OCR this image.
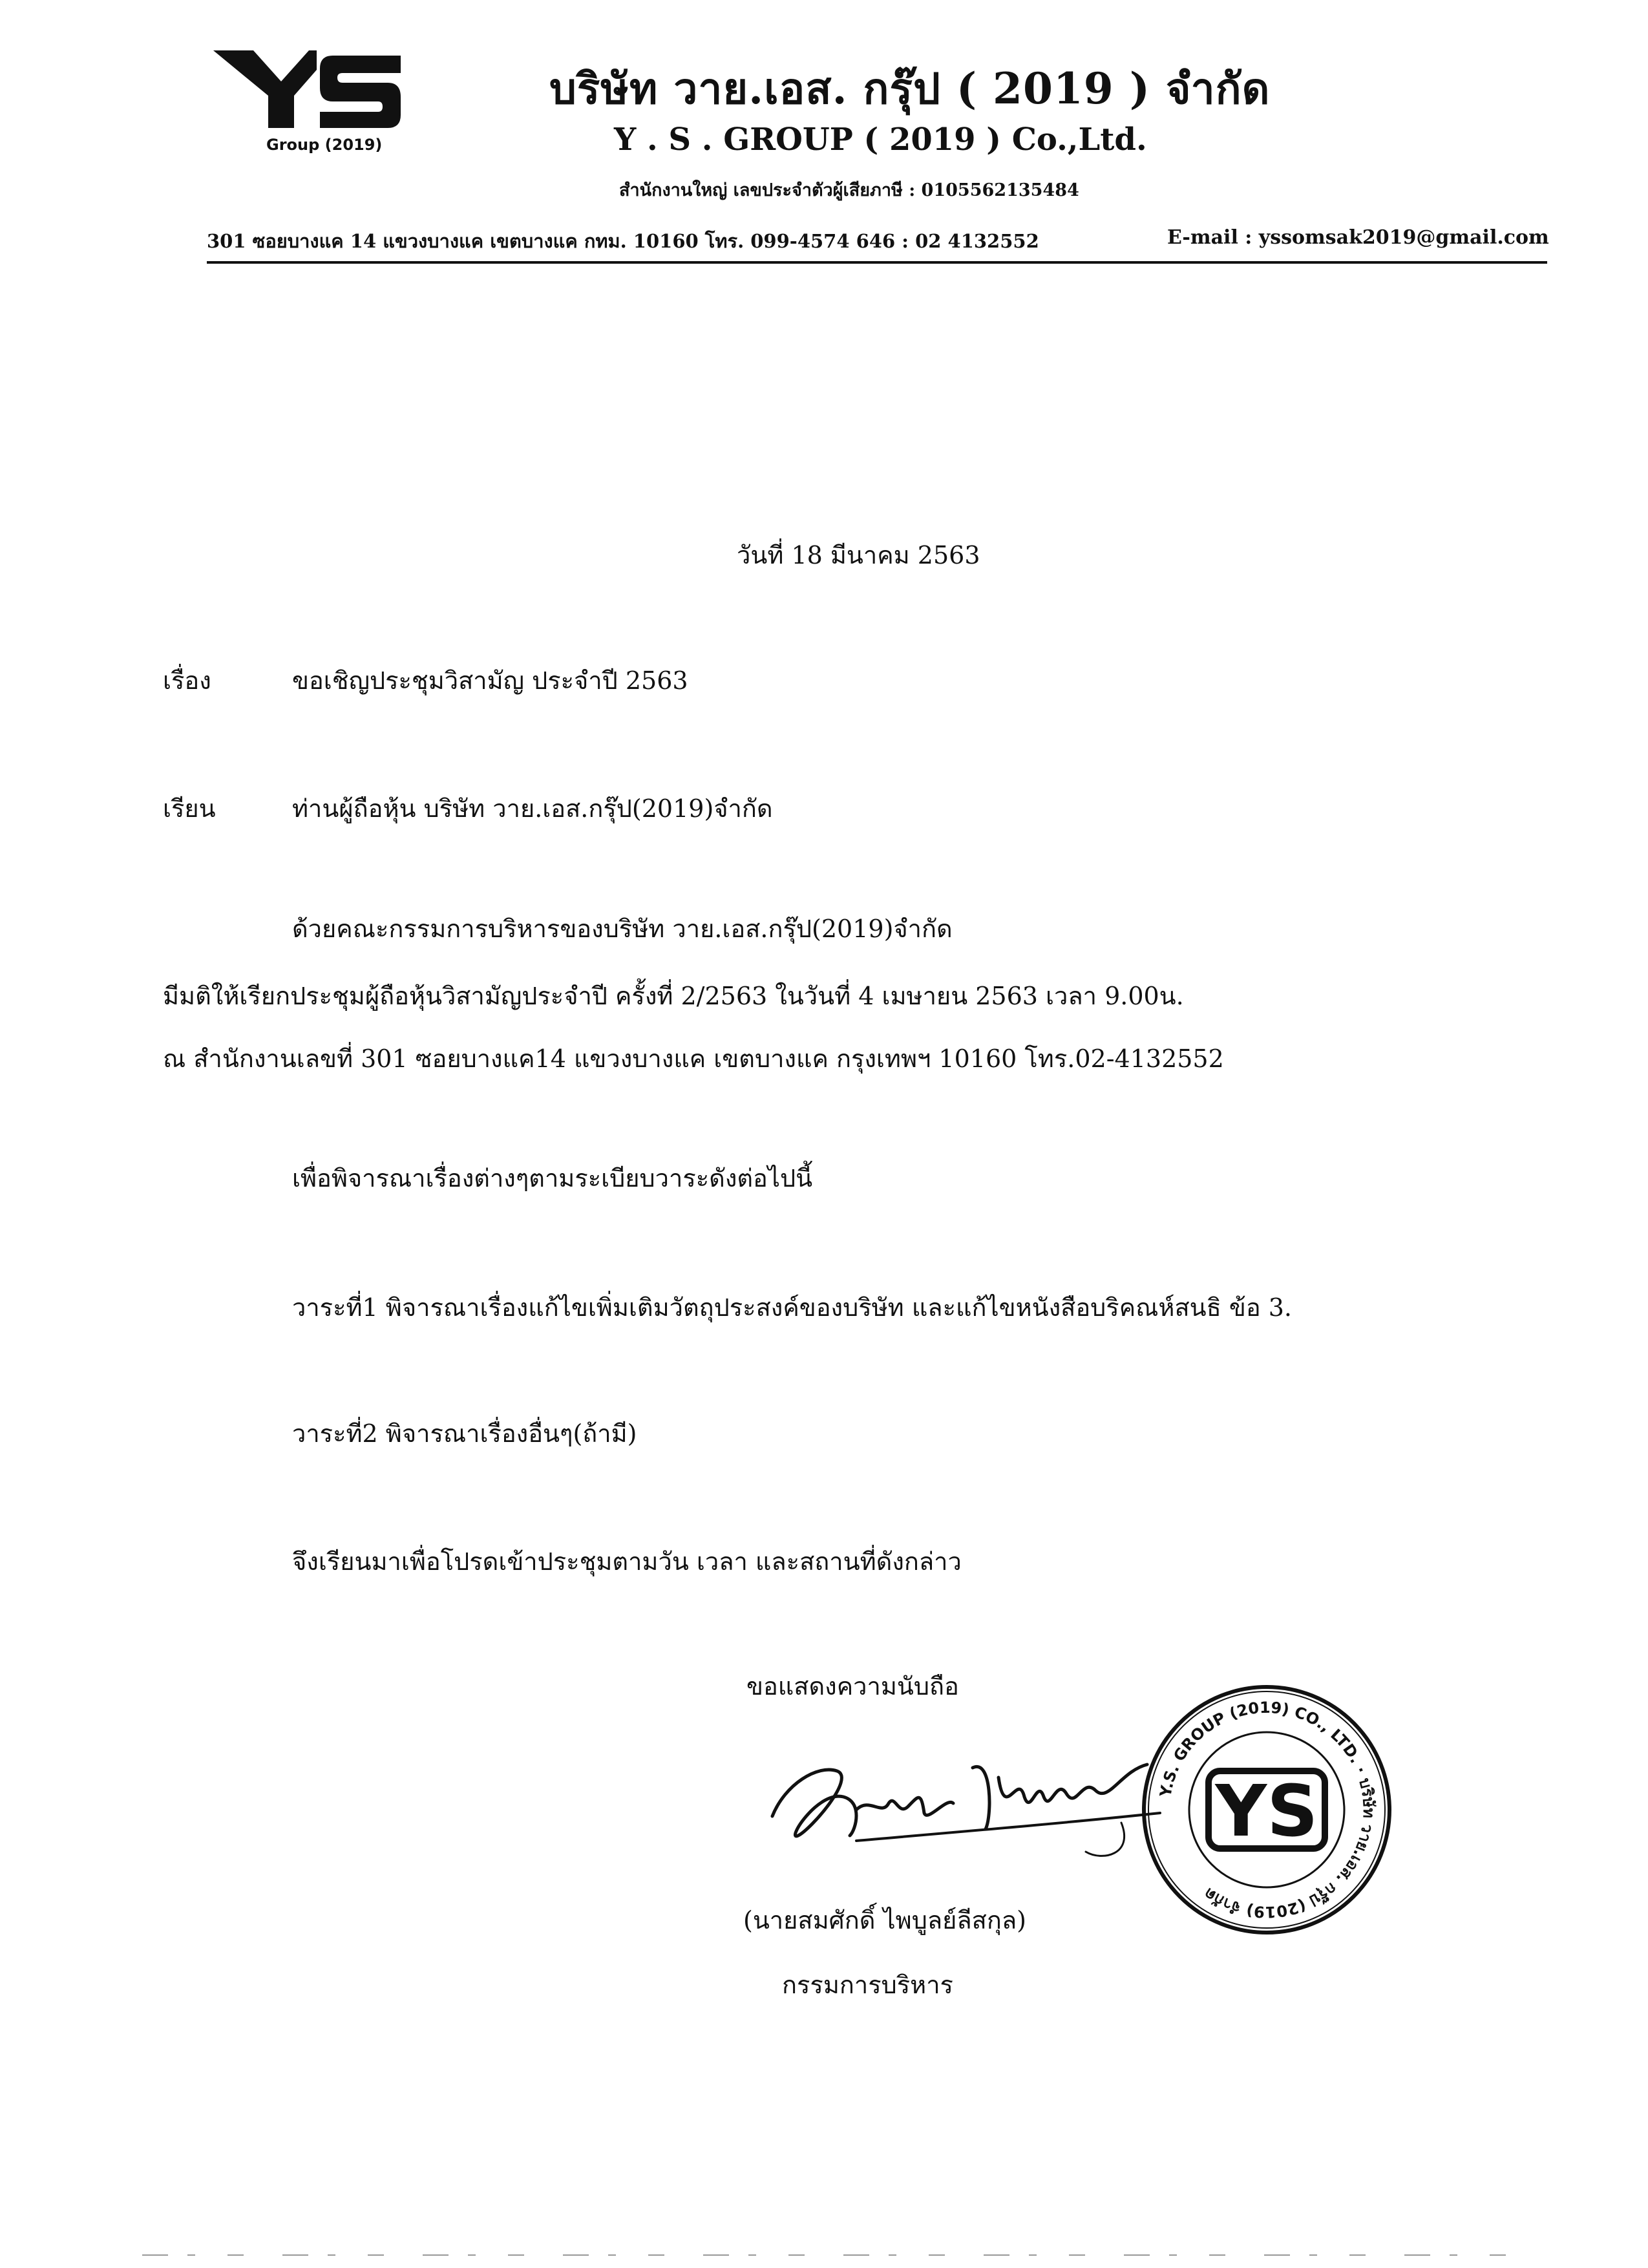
Group (2019)
บริษัท วาย.เอส. กรุ๊ป ( 2019 ) จำกัด
Y . S . GROUP ( 2019 ) Co.,Ltd.
สำนักงานใหญ่ เลขประจำตัวผู้เสียภาษี : 0105562135484
301 ซอยบางแค 14 แขวงบางแค เขตบางแค กทม. 10160 โทร. 099-4574 646 : 02 4132552	E-mail : yssomsak2019@gmail.com
วันที่ 18 มีนาคม 2563
เรื่อง	ขอเชิญประชุมวิสามัญ ประจำปี 2563
เรียน	ท่านผู้ถือหุ้น บริษัท วาย.เอส.กรุ๊ป(2019)จำกัด
ด้วยคณะกรรมการบริหารของบริษัท วาย.เอส.กรุ๊ป(2019)จำกัด
มีมติให้เรียกประชุมผู้ถือหุ้นวิสามัญประจำปี ครั้งที่ 2/2563 ในวันที่ 4 เมษายน 2563 เวลา 9.00น.
ณ สำนักงานเลขที่ 301 ซอยบางแค14 แขวงบางแค เขตบางแค กรุงเทพฯ 10160 โทร.02-4132552
เพื่อพิจารณาเรื่องต่างๆตามระเบียบวาระดังต่อไปนี้
วาระที่1 พิจารณาเรื่องแก้ไขเพิ่มเติมวัตถุประสงค์ของบริษัท และแก้ไขหนังสือบริคณห์สนธิ ข้อ 3.
วาระที่2 พิจารณาเรื่องอื่นๆ(ถ้ามี)
จึงเรียนมาเพื่อโปรดเข้าประชุมตามวัน เวลา และสถานที่ดังกล่าว
ขอแสดงความนับถือ
Y.S. GROUP (2019) CO., LTD. · บริษัท วาย.เอส. กรุ๊ป (2019) จำกัด
YS
(นายสมศักดิ์ ไพบูลย์ลีสกุล)
กรรมการบริหาร
